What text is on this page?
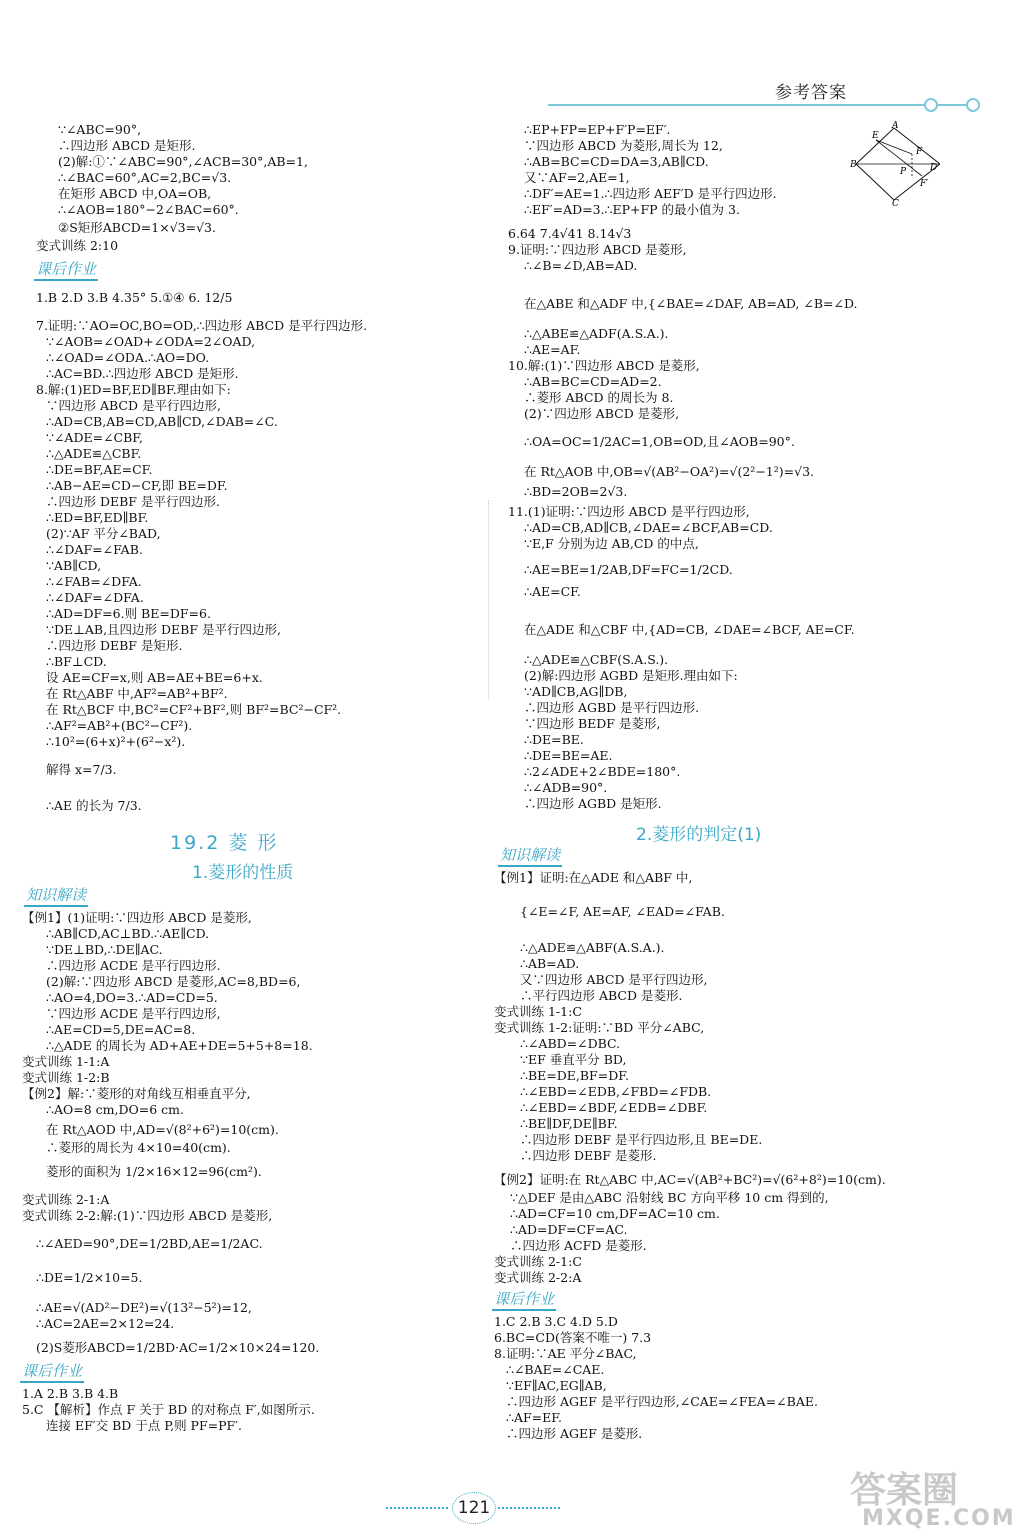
参考答案
∵∠ABC=90°,
∴四边形 ABCD 是矩形.
(2)解:①∵∠ABC=90°,∠ACB=30°,AB=1,
∴∠BAC=60°,AC=2,BC=√3.
在矩形 ABCD 中,OA=OB,
∴∠AOB=180°−2∠BAC=60°.
②S矩形ABCD=1×√3=√3.
变式训练 2:10
1.B 2.D 3.B 4.35° 5.①④ 6. 12/5
7.证明:∵AO=OC,BO=OD,∴四边形 ABCD 是平行四边形.
∵∠AOB=∠OAD+∠ODA=2∠OAD,
∴∠OAD=∠ODA.∴AO=DO.
∴AC=BD.∴四边形 ABCD 是矩形.
8.解:(1)ED=BF,ED∥BF.理由如下:
∵四边形 ABCD 是平行四边形,
∴AD=CB,AB=CD,AB∥CD,∠DAB=∠C.
∵∠ADE=∠CBF,
∴△ADE≌△CBF.
∴DE=BF,AE=CF.
∴AB−AE=CD−CF,即 BE=DF.
∴四边形 DEBF 是平行四边形.
∴ED=BF,ED∥BF.
(2)∵AF 平分∠BAD,
∴∠DAF=∠FAB.
∵AB∥CD,
∴∠FAB=∠DFA.
∴∠DAF=∠DFA.
∴AD=DF=6.则 BE=DF=6.
∵DE⊥AB,且四边形 DEBF 是平行四边形,
∴四边形 DEBF 是矩形.
∴BF⊥CD.
设 AE=CF=x,则 AB=AE+BE=6+x.
在 Rt△ABF 中,AF²=AB²+BF².
在 Rt△BCF 中,BC²=CF²+BF²,则 BF²=BC²−CF².
∴AF²=AB²+(BC²−CF²).
∴10²=(6+x)²+(6²−x²).
解得 x=7/3.
∴AE 的长为 7/3.
【例1】(1)证明:∵四边形 ABCD 是菱形,
∴AB∥CD,AC⊥BD.∴AE∥CD.
∵DE⊥BD,∴DE∥AC.
∴四边形 ACDE 是平行四边形.
(2)解:∵四边形 ABCD 是菱形,AC=8,BD=6,
∴AO=4,DO=3.∴AD=CD=5.
∵四边形 ACDE 是平行四边形,
∴AE=CD=5,DE=AC=8.
∴△ADE 的周长为 AD+AE+DE=5+5+8=18.
变式训练 1-1:A
变式训练 1-2:B
【例2】解:∵菱形的对角线互相垂直平分,
∴AO=8 cm,DO=6 cm.
在 Rt△AOD 中,AD=√(8²+6²)=10(cm).
∴菱形的周长为 4×10=40(cm).
菱形的面积为 1/2×16×12=96(cm²).
变式训练 2-1:A
变式训练 2-2:解:(1)∵四边形 ABCD 是菱形,
∴∠AED=90°,DE=1/2BD,AE=1/2AC.
∴DE=1/2×10=5.
∴AE=√(AD²−DE²)=√(13²−5²)=12,
∴AC=2AE=2×12=24.
(2)S菱形ABCD=1/2BD·AC=1/2×10×24=120.
1.A 2.B 3.B 4.B
5.C 【解析】作点 F 关于 BD 的对称点 F′,如图所示.
连接 EF′交 BD 于点 P,则 PF=PF′.
∴EP+FP=EP+F′P=EF′.
∵四边形 ABCD 为菱形,周长为 12,
∴AB=BC=CD=DA=3,AB∥CD.
又∵AF=2,AE=1,
∴DF′=AE=1.∴四边形 AEF′D 是平行四边形.
∴EF′=AD=3.∴EP+FP 的最小值为 3.
6.64 7.4√41 8.14√3
9.证明:∵四边形 ABCD 是菱形,
∴∠B=∠D,AB=AD.
在△ABE 和△ADF 中,{∠BAE=∠DAF, AB=AD, ∠B=∠D.
∴△ABE≌△ADF(A.S.A.).
∴AE=AF.
10.解:(1)∵四边形 ABCD 是菱形,
∴AB=BC=CD=AD=2.
∴菱形 ABCD 的周长为 8.
(2)∵四边形 ABCD 是菱形,
∴OA=OC=1/2AC=1,OB=OD,且∠AOB=90°.
在 Rt△AOB 中,OB=√(AB²−OA²)=√(2²−1²)=√3.
∴BD=2OB=2√3.
11.(1)证明:∵四边形 ABCD 是平行四边形,
∴AD=CB,AD∥CB,∠DAE=∠BCF,AB=CD.
∵E,F 分别为边 AB,CD 的中点,
∴AE=BE=1/2AB,DF=FC=1/2CD.
∴AE=CF.
在△ADE 和△CBF 中,{AD=CB, ∠DAE=∠BCF, AE=CF.
∴△ADE≌△CBF(S.A.S.).
(2)解:四边形 AGBD 是矩形.理由如下:
∵AD∥CB,AG∥DB,
∴四边形 AGBD 是平行四边形.
∵四边形 BEDF 是菱形,
∴DE=BE.
∴DE=BE=AE.
∴2∠ADE+2∠BDE=180°.
∴∠ADB=90°.
∴四边形 AGBD 是矩形.
【例1】证明:在△ADE 和△ABF 中,
{∠E=∠F, AE=AF, ∠EAD=∠FAB.
∴△ADE≌△ABF(A.S.A.).
∴AB=AD.
又∵四边形 ABCD 是平行四边形,
∴平行四边形 ABCD 是菱形.
变式训练 1-1:C
变式训练 1-2:证明:∵BD 平分∠ABC,
∴∠ABD=∠DBC.
∵EF 垂直平分 BD,
∴BE=DE,BF=DF.
∴∠EBD=∠EDB,∠FBD=∠FDB.
∴∠EBD=∠BDF,∠EDB=∠DBF.
∴BE∥DF,DE∥BF.
∴四边形 DEBF 是平行四边形,且 BE=DE.
∴四边形 DEBF 是菱形.
【例2】证明:在 Rt△ABC 中,AC=√(AB²+BC²)=√(6²+8²)=10(cm).
∵△DEF 是由△ABC 沿射线 BC 方向平移 10 cm 得到的,
∴AD=CF=10 cm,DF=AC=10 cm.
∴AD=DF=CF=AC.
∴四边形 ACFD 是菱形.
变式训练 2-1:C
变式训练 2-2:A
1.C 2.B 3.C 4.D 5.D
6.BC=CD(答案不唯一) 7.3
8.证明:∵AE 平分∠BAC,
∴∠BAE=∠CAE.
∵EF∥AC,EG∥AB,
∴四边形 AGEF 是平行四边形,∠CAE=∠FEA=∠BAE.
∴AF=EF.
∴四边形 AGEF 是菱形.
课后作业
19.2 菱 形
1.菱形的性质
知识解读
课后作业
2.菱形的判定(1)
知识解读
课后作业
A
B
C
D
E
F
F′
P
121	答案圈
MXQE.COM
